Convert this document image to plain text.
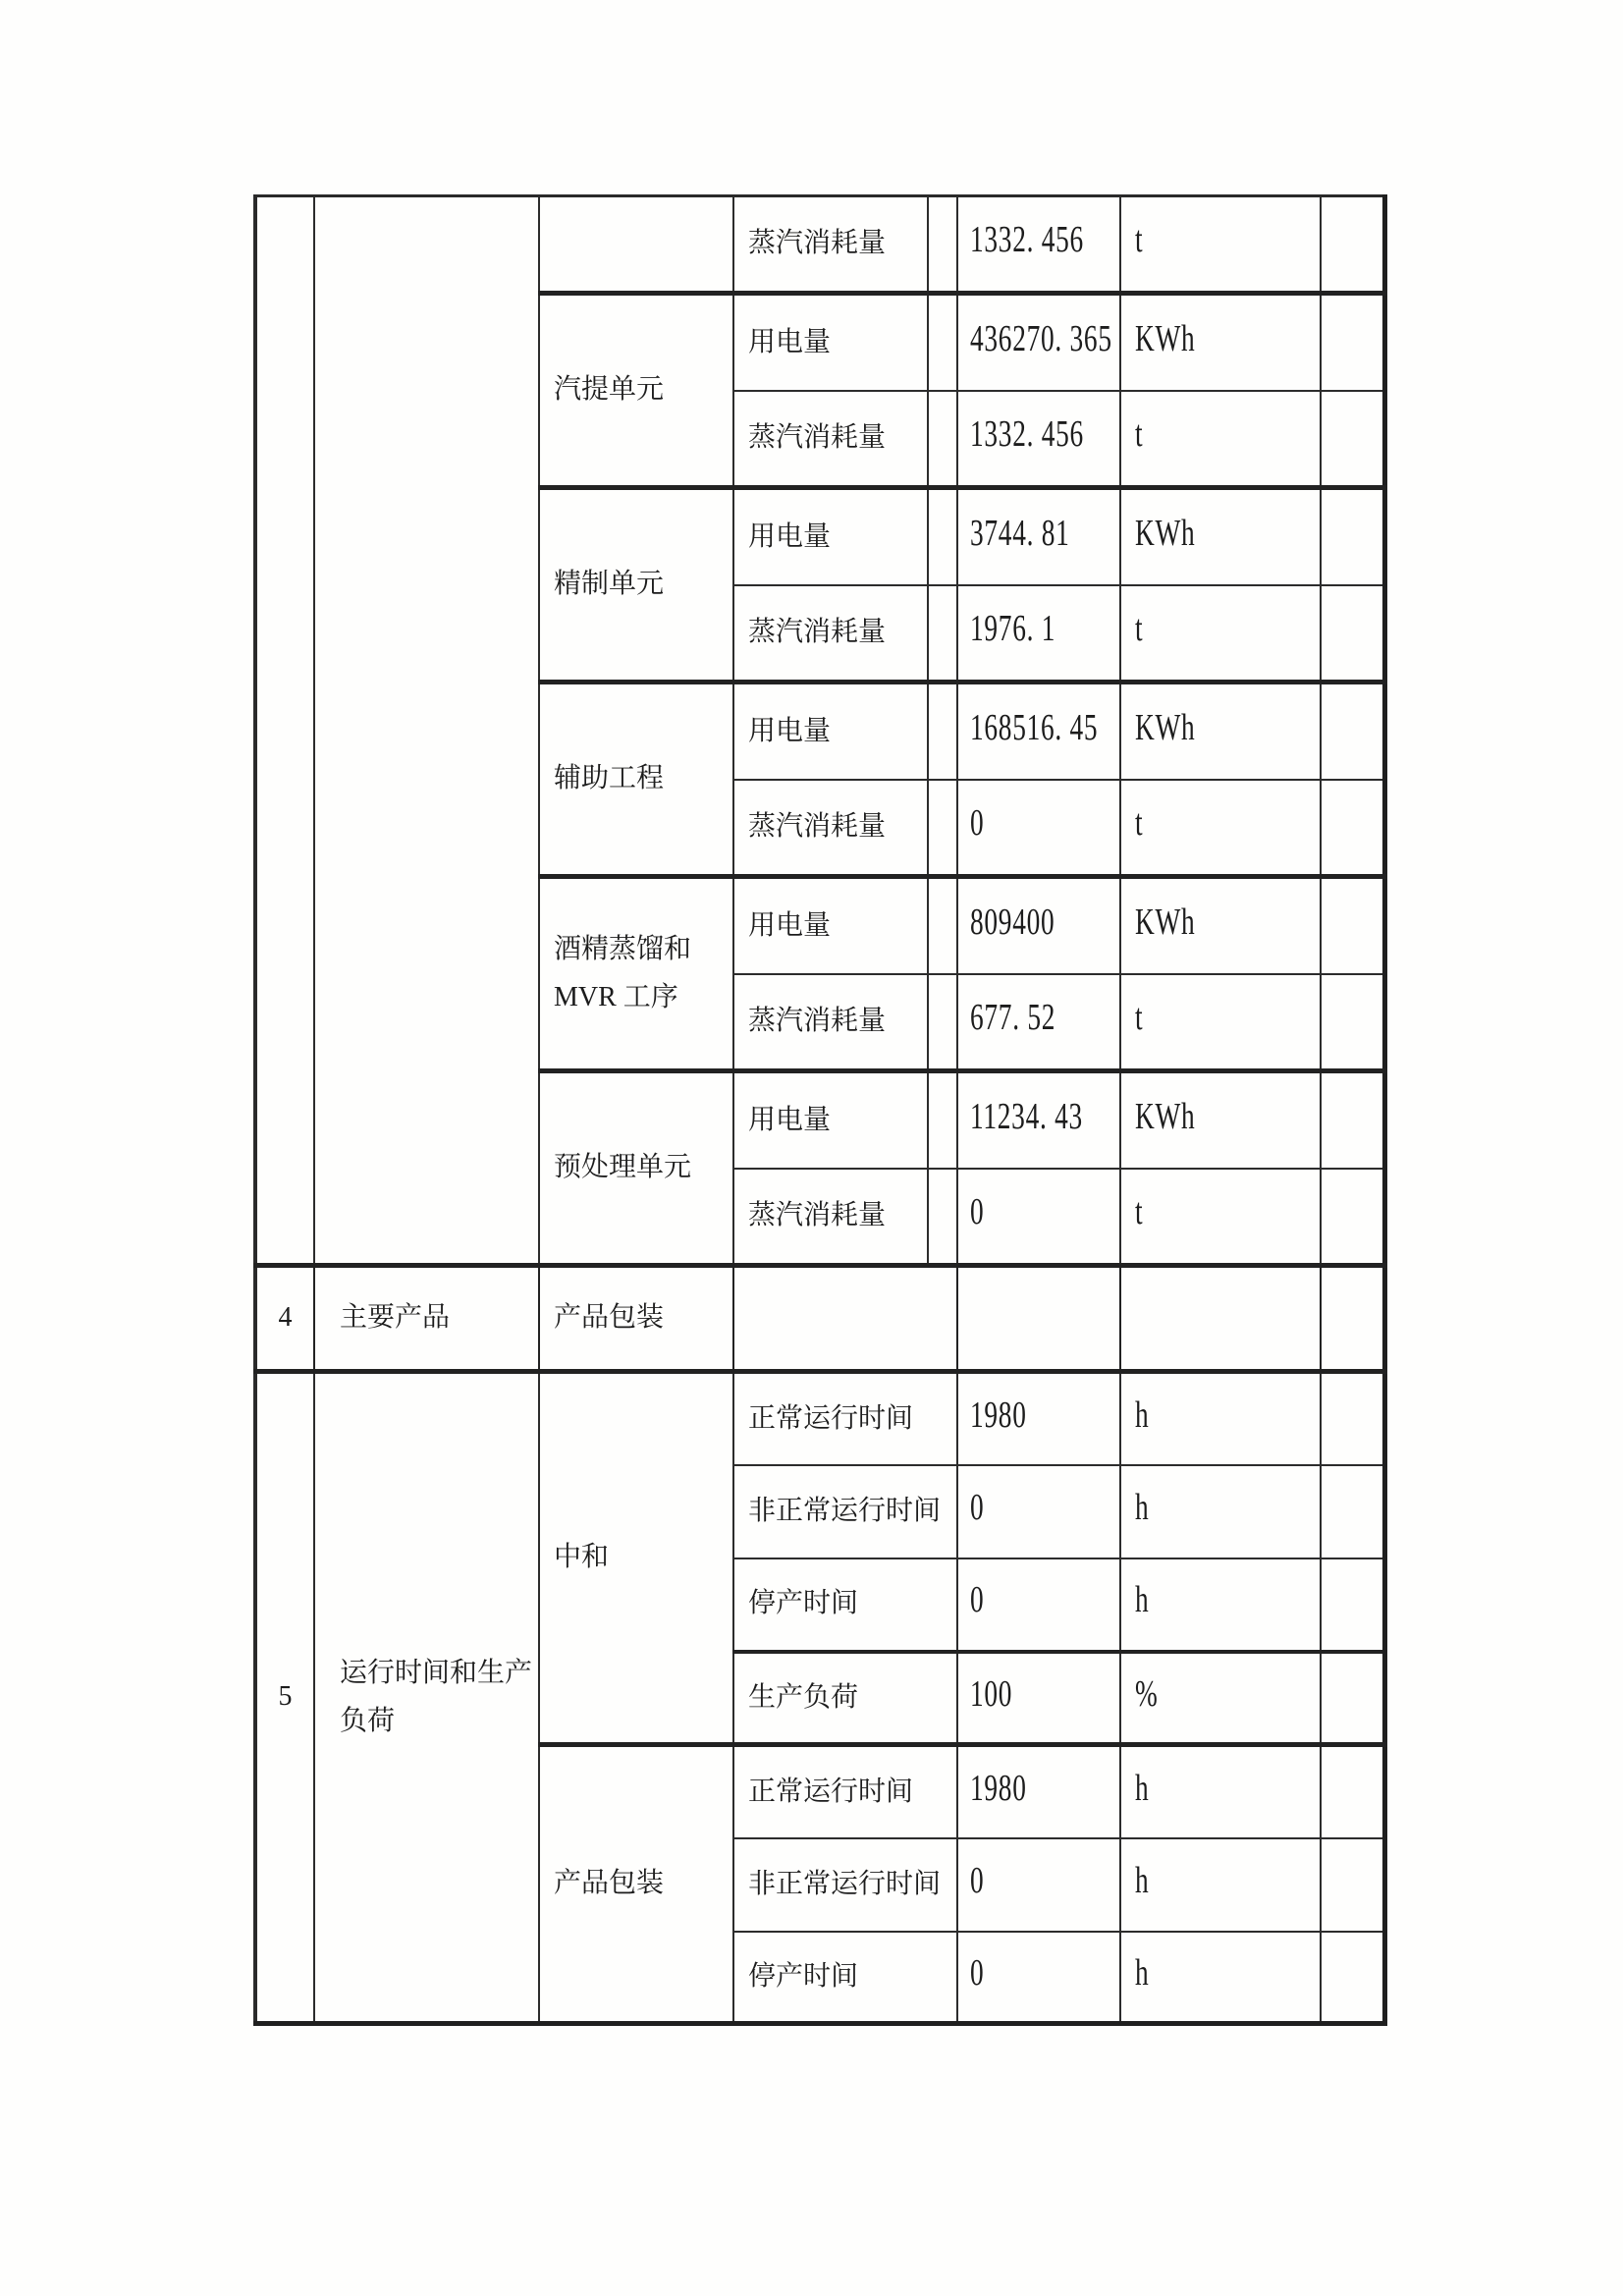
			蒸汽消耗量		1332. 456	t	
		汽提单元	用电量		436270. 365	KWh	
			蒸汽消耗量		1332. 456	t	
		精制单元	用电量		3744. 81	KWh	
			蒸汽消耗量		1976. 1	t	
		辅助工程	用电量		168516. 45	KWh	
			蒸汽消耗量		0	t	
		酒精蒸馏和MVR 工序	用电量		809400	KWh	
			蒸汽消耗量		677. 52	t	
		预处理单元	用电量		11234. 43	KWh	
			蒸汽消耗量		0	t	
4	主要产品	产品包装					
5	运行时间和生产负荷	中和	正常运行时间		1980	h	
			非正常运行时间		0	h	
			停产时间		0	h	
			生产负荷		100	%	
		产品包装	正常运行时间		1980	h	
			非正常运行时间		0	h	
			停产时间		0	h	
